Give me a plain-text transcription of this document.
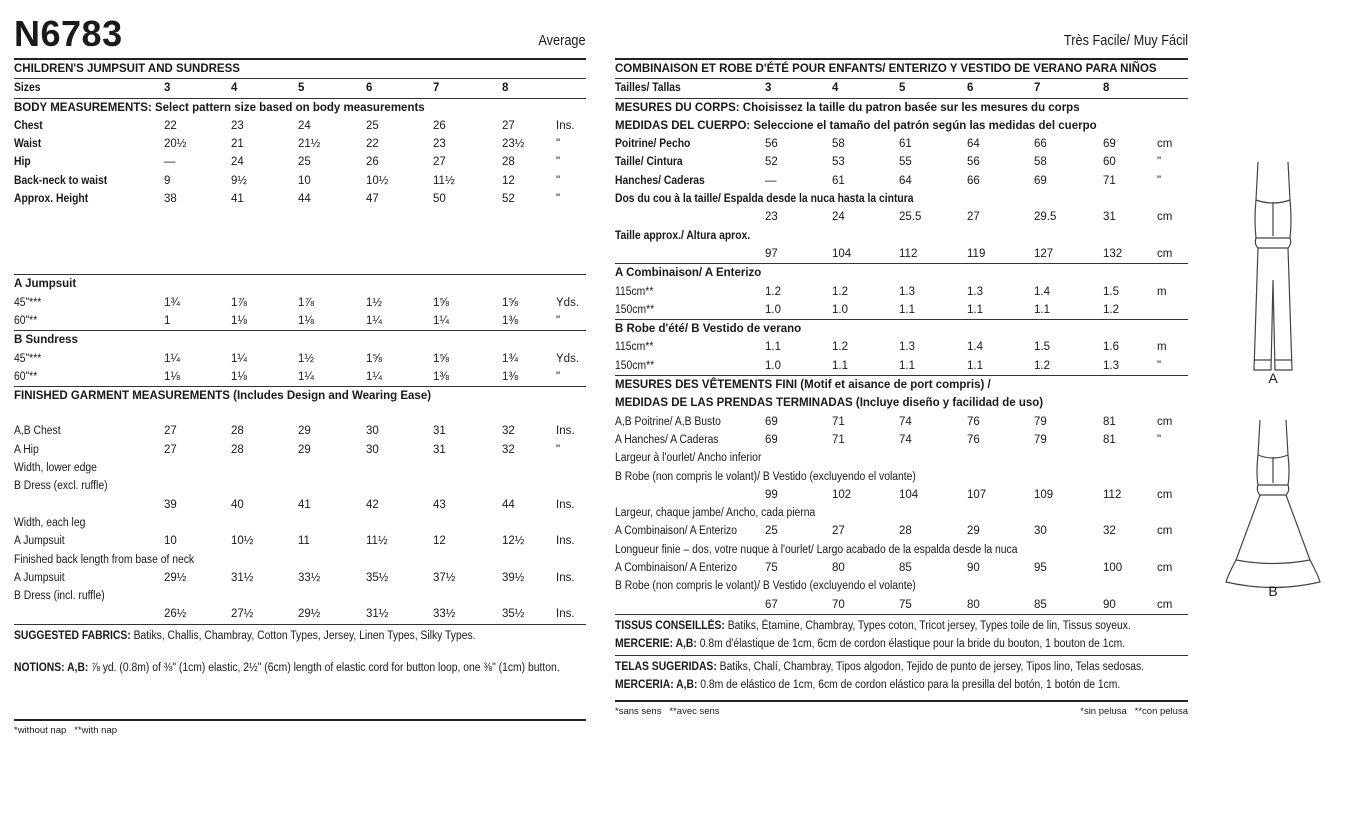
N6783	Average
CHILDREN'S JUMPSUIT AND SUNDRESS
Sizes	3	4	5	6	7	8
BODY MEASUREMENTS: Select pattern size based on body measurements
Chest	22	23	24	25	26	27	Ins.
Waist	20½	21	21½	22	23	23½	"
Hip	—	24	25	26	27	28	"
Back-neck to waist	9	9½	10	10½	11½	12	"
Approx. Height	38	41	44	47	50	52	"
A Jumpsuit
45"***	1¾	1⅞	1⅞	1½	1⅝	1⅝	Yds.
60"**	1	1⅛	1⅛	1¼	1¼	1⅜	"
B Sundress
45"***	1¼	1¼	1½	1⅝	1⅝	1¾	Yds.
60"**	1⅛	1⅛	1¼	1¼	1⅜	1⅜	"
FINISHED GARMENT MEASUREMENTS (Includes Design and Wearing Ease)
A,B Chest	27	28	29	30	31	32	Ins.
A Hip	27	28	29	30	31	32	"
Width, lower edge
B Dress (excl. ruffle)
39	40	41	42	43	44	Ins.
Width, each leg
A Jumpsuit	10	10½	11	11½	12	12½	Ins.
Finished back length from base of neck
A Jumpsuit	29½	31½	33½	35½	37½	39½	Ins.
B Dress (incl. ruffle)
26½	27½	29½	31½	33½	35½	Ins.
SUGGESTED FABRICS: Batiks, Challis, Chambray, Cotton Types, Jersey, Linen Types, Silky Types.
NOTIONS: A,B: ⅞ yd. (0.8m) of ⅜" (1cm) elastic, 2½" (6cm) length of elastic cord for button loop, one ⅜" (1cm) button.
*without nap   **with nap
Très Facile/ Muy Fácil
COMBINAISON ET ROBE D'ÉTÉ POUR ENFANTS/ ENTERIZO Y VESTIDO DE VERANO PARA NIÑOS
Tailles/ Tallas	3	4	5	6	7	8
MESURES DU CORPS: Choisissez la taille du patron basée sur les mesures du corps
MEDIDAS DEL CUERPO: Seleccione el tamaño del patrón según las medidas del cuerpo
Poitrine/ Pecho	56	58	61	64	66	69	cm
Taille/ Cintura	52	53	55	56	58	60	"
Hanches/ Caderas	—	61	64	66	69	71	"
Dos du cou à la taille/ Espalda desde la nuca hasta la cintura
23	24	25.5	27	29.5	31	cm
Taille approx./ Altura aprox.
97	104	112	119	127	132	cm
A Combinaison/ A Enterizo
115cm**	1.2	1.2	1.3	1.3	1.4	1.5	m
150cm**	1.0	1.0	1.1	1.1	1.1	1.2
B Robe d'été/ B Vestido de verano
115cm**	1.1	1.2	1.3	1.4	1.5	1.6	m
150cm**	1.0	1.1	1.1	1.1	1.2	1.3	"
MESURES DES VÊTEMENTS FINI (Motif et aisance de port compris) /
MEDIDAS DE LAS PRENDAS TERMINADAS (Incluye diseño y facilidad de uso)
A,B Poitrine/ A,B Busto	69	71	74	76	79	81	cm
A Hanches/ A Caderas	69	71	74	76	79	81	"
Largeur à l'ourlet/ Ancho inferior
B Robe (non compris le volant)/ B Vestido (excluyendo el volante)
99	102	104	107	109	112	cm
Largeur, chaque jambe/ Ancho, cada pierna
A Combinaison/ A Enterizo 25	27	28	29	30	32	cm
Longueur finie – dos, votre nuque à l'ourlet/ Largo acabado de la espalda desde la nuca
A Combinaison/ A Enterizo 75	80	85	90	95	100	cm
B Robe (non compris le volant)/ B Vestido (excluyendo el volante)
67	70	75	80	85	90	cm
TISSUS CONSEILLÉS: Batiks, Étamine, Chambray, Types coton, Tricot jersey, Types toile de lin, Tissus soyeux. MERCERIE: A,B: 0.8m d'élastique de 1cm, 6cm de cordon élastique pour la bride du bouton, 1 bouton de 1cm.
TELAS SUGERIDAS: Batiks, Chalí, Chambray, Tipos algodon, Tejido de punto de jersey, Tipos lino, Telas sedosas. MERCERIA: A,B: 0.8m de elástico de 1cm, 6cm de cordon elástico para la presilla del botón, 1 botón de 1cm.
*sans sens   **avec sens	*sin pelusa   **con pelusa
A
B
